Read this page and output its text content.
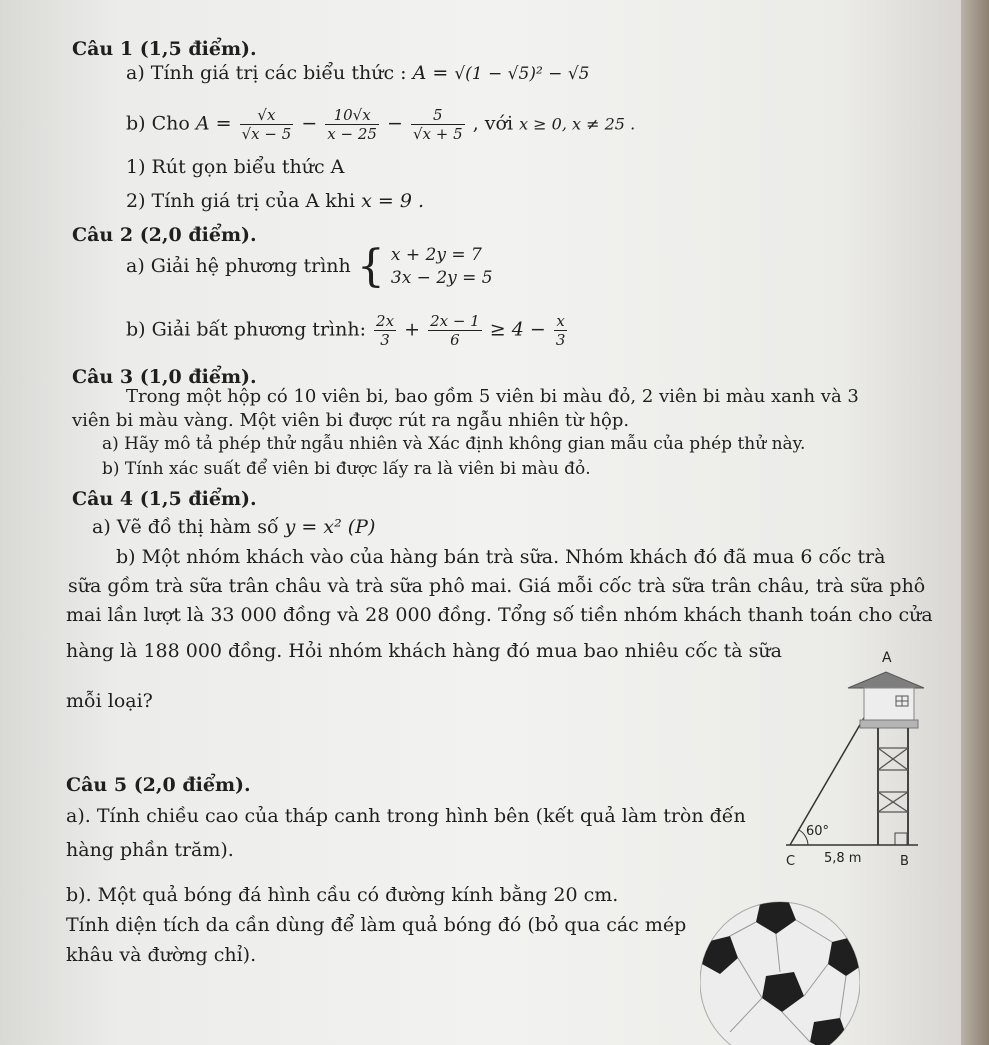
Câu 1 (1,5 điểm).
a) Tính giá trị các biểu thức : A = √(1 − √5)² − √5
b) Cho $A = \frac{√x}{√x - 5} - \frac{10√x}{x - 25} - \frac{5}{√x + 5}$ , với x ≥ 0, x ≠ 25 .
1) Rút gọn biểu thức A
2) Tính giá trị của A khi x = 9 .
Câu 2 (2,0 điểm).
a) Giải hệ phương trình { x + 2y = 7
3x − 2y = 5
b) Giải bất phương trình: $\frac{2x}{3} + \frac{2x - 1}{6} \ge 4 - \frac{x}{3}$
Câu 3 (1,0 điểm).
Trong một hộp có 10 viên bi, bao gồm 5 viên bi màu đỏ, 2 viên bi màu xanh và 3
viên bi màu vàng. Một viên bi được rút ra ngẫu nhiên từ hộp.
a) Hãy mô tả phép thử ngẫu nhiên và Xác định không gian mẫu của phép thử này.
b) Tính xác suất để viên bi được lấy ra là viên bi màu đỏ.
Câu 4 (1,5 điểm).
a) Vẽ đồ thị hàm số y = x² (P)
b) Một nhóm khách vào của hàng bán trà sữa. Nhóm khách đó đã mua 6 cốc trà
sữa gồm trà sữa trân châu và trà sữa phô mai. Giá mỗi cốc trà sữa trân châu, trà sữa phô
mai lần lượt là 33 000 đồng và 28 000 đồng. Tổng số tiền nhóm khách thanh toán cho cửa
hàng là 188 000 đồng. Hỏi nhóm khách hàng đó mua bao nhiêu cốc tà sữa
mỗi loại?
Câu 5 (2,0 điểm).
a). Tính chiều cao của tháp canh trong hình bên (kết quả làm tròn đến
hàng phần trăm).
b). Một quả bóng đá hình cầu có đường kính bằng 20 cm.
Tính diện tích da cần dùng để làm quả bóng đó (bỏ qua các mép
khâu và đường chỉ).
A
60°
C 5,8 m	B
